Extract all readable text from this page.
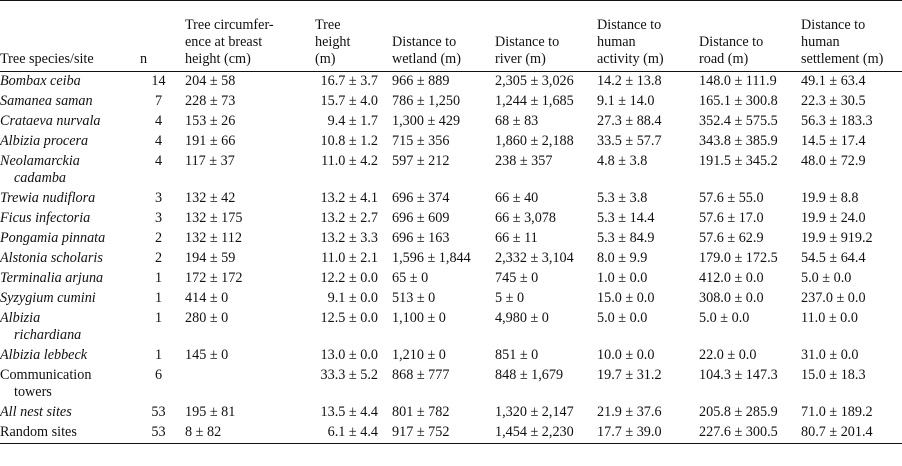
Tree species/site	n	Tree circumfer-
ence at breast
height (cm)	Tree
height
(m)	Distance to
wetland (m)	Distance to
river (m)	Distance to
human
activity (m)	Distance to
road (m)	Distance to
human
settlement (m)
Bombax ceiba	14	204 ± 58	16.7 ± 3.7	966 ± 889	2,305 ± 3,026	14.2 ± 13.8	148.0 ± 111.9	49.1 ± 63.4
Samanea saman	7	228 ± 73	15.7 ± 4.0	786 ± 1,250	1,244 ± 1,685	9.1 ± 14.0	165.1 ± 300.8	22.3 ± 30.5
Crataeva nurvala	4	153 ± 26	9.4 ± 1.7	1,300 ± 429	68 ± 83	27.3 ± 88.4	352.4 ± 575.5	56.3 ± 183.3
Albizia procera	4	191 ± 66	10.8 ± 1.2	715 ± 356	1,860 ± 2,188	33.5 ± 57.7	343.8 ± 385.9	14.5 ± 17.4
Neolamarckia
cadamba	4	117 ± 37	11.0 ± 4.2	597 ± 212	238 ± 357	4.8 ± 3.8	191.5 ± 345.2	48.0 ± 72.9
Trewia nudiflora	3	132 ± 42	13.2 ± 4.1	696 ± 374	66 ± 40	5.3 ± 3.8	57.6 ± 55.0	19.9 ± 8.8
Ficus infectoria	3	132 ± 175	13.2 ± 2.7	696 ± 609	66 ± 3,078	5.3 ± 14.4	57.6 ± 17.0	19.9 ± 24.0
Pongamia pinnata	2	132 ± 112	13.2 ± 3.3	696 ± 163	66 ± 11	5.3 ± 84.9	57.6 ± 62.9	19.9 ± 919.2
Alstonia scholaris	2	194 ± 59	11.0 ± 2.1	1,596 ± 1,844	2,332 ± 3,104	8.0 ± 9.9	179.0 ± 172.5	54.5 ± 64.4
Terminalia arjuna	1	172 ± 172	12.2 ± 0.0	65 ± 0	745 ± 0	1.0 ± 0.0	412.0 ± 0.0	5.0 ± 0.0
Syzygium cumini	1	414 ± 0	9.1 ± 0.0	513 ± 0	5 ± 0	15.0 ± 0.0	308.0 ± 0.0	237.0 ± 0.0
Albizia
richardiana	1	280 ± 0	12.5 ± 0.0	1,100 ± 0	4,980 ± 0	5.0 ± 0.0	5.0 ± 0.0	11.0 ± 0.0
Albizia lebbeck	1	145 ± 0	13.0 ± 0.0	1,210 ± 0	851 ± 0	10.0 ± 0.0	22.0 ± 0.0	31.0 ± 0.0
Communication
towers	6		33.3 ± 5.2	868 ± 777	848 ± 1,679	19.7 ± 31.2	104.3 ± 147.3	15.0 ± 18.3
All nest sites	53	195 ± 81	13.5 ± 4.4	801 ± 782	1,320 ± 2,147	21.9 ± 37.6	205.8 ± 285.9	71.0 ± 189.2
Random sites	53	8 ± 82	6.1 ± 4.4	917 ± 752	1,454 ± 2,230	17.7 ± 39.0	227.6 ± 300.5	80.7 ± 201.4
